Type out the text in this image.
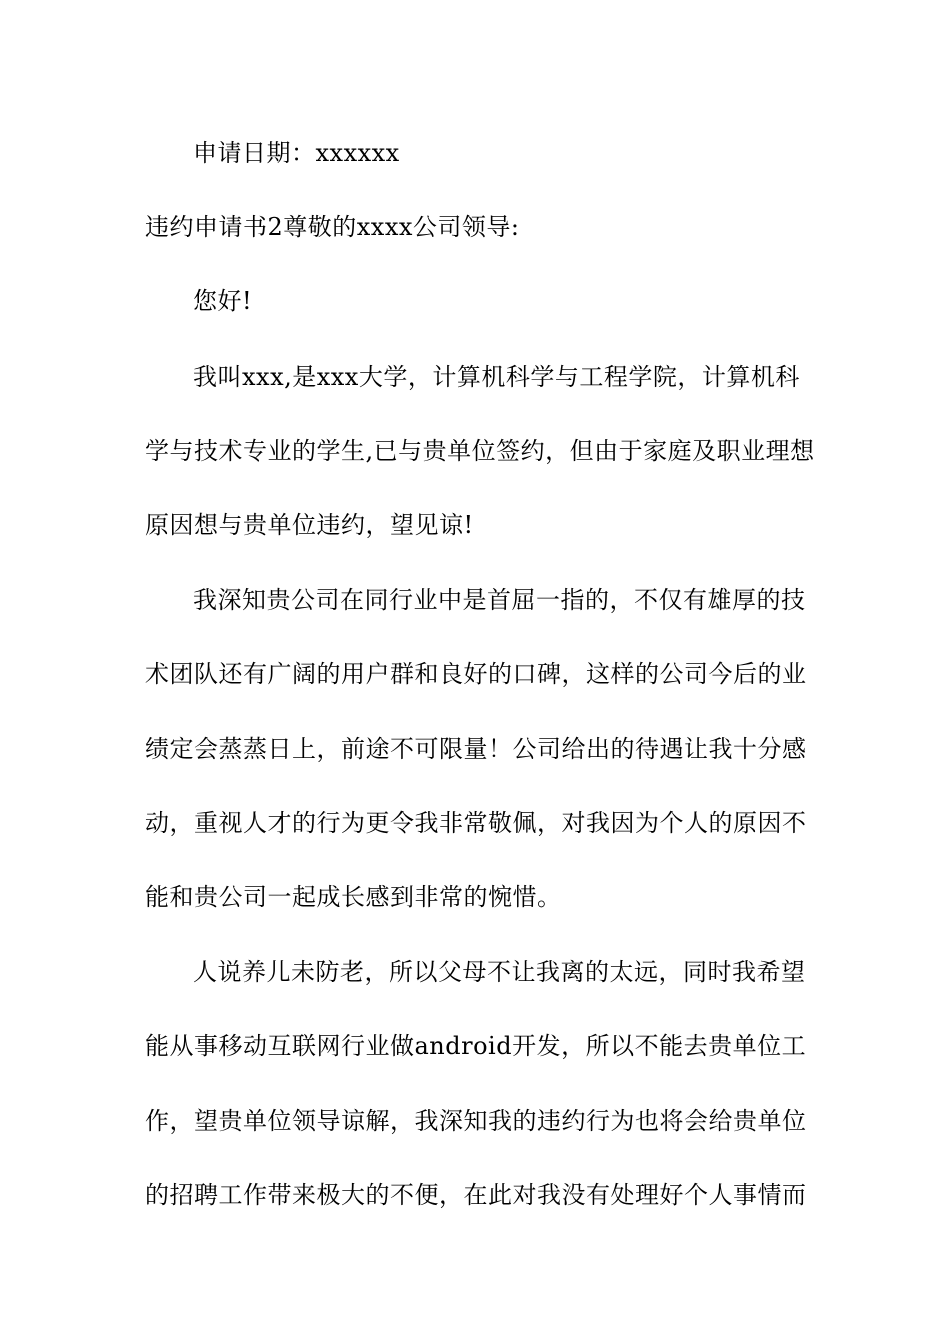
申请日期：xxxxxx
违约申请书2尊敬的xxxx公司领导:
您好!
我叫xxx,是xxx大学，计算机科学与工程学院，计算机科
学与技术专业的学生,已与贵单位签约，但由于家庭及职业理想
原因想与贵单位违约，望见谅!
我深知贵公司在同行业中是首屈一指的，不仅有雄厚的技
术团队还有广阔的用户群和良好的口碑，这样的公司今后的业
绩定会蒸蒸日上，前途不可限量！公司给出的待遇让我十分感
动，重视人才的行为更令我非常敬佩，对我因为个人的原因不
能和贵公司一起成长感到非常的惋惜。
人说养儿未防老，所以父母不让我离的太远，同时我希望
能从事移动互联网行业做android开发，所以不能去贵单位工
作，望贵单位领导谅解，我深知我的违约行为也将会给贵单位
的招聘工作带来极大的不便，在此对我没有处理好个人事情而
